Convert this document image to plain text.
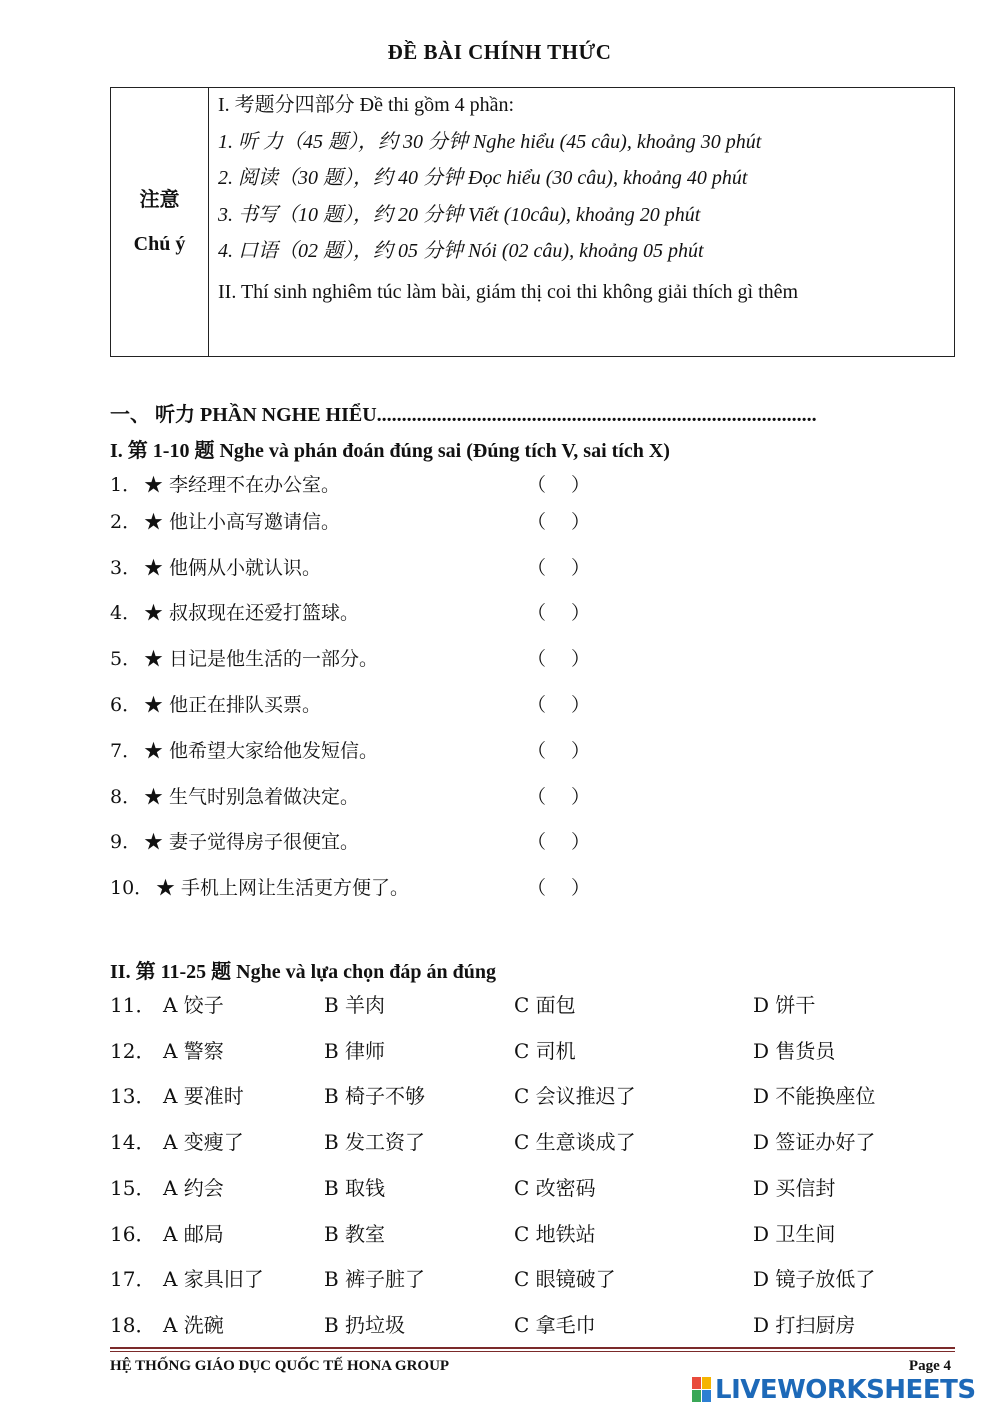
ĐỀ BÀI CHÍNH THỨC
注意
Chú ý
I. 考题分四部分 Đề thi gồm 4 phần:
1. 听 力（45 题），约 30 分钟 Nghe hiểu (45 câu), khoảng 30 phút
2. 阅读（30 题），约 40 分钟 Đọc hiểu (30 câu), khoảng 40 phút
3. 书写（10 题），约 20 分钟 Viết (10câu), khoảng 20 phút
4. 口语（02 题），约 05 分钟 Nói (02 câu), khoảng 05 phút
II. Thí sinh nghiêm túc làm bài, giám thị coi thi không giải thích gì thêm
一、 听力 PHẦN NGHE HIỂU........................................................................................
I. 第 1-10 题 Nghe và phán đoán đúng sai (Đúng tích V, sai tích X)
1． ★ 李经理不在办公室。	（　 ）
2． ★ 他让小高写邀请信。	（　 ）
3． ★ 他俩从小就认识。	（　 ）
4． ★ 叔叔现在还爱打篮球。	（　 ）
5． ★ 日记是他生活的一部分。	（　 ）
6． ★ 他正在排队买票。	（　 ）
7． ★ 他希望大家给他发短信。	（　 ）
8． ★ 生气时别急着做决定。	（　 ）
9． ★ 妻子觉得房子很便宜。	（　 ）
10． ★ 手机上网让生活更方便了。	（　 ）
II. 第 11-25 题 Nghe và lựa chọn đáp án đúng
11． A 饺子	B 羊肉	C 面包	D 饼干
12． A 警察	B 律师	C 司机	D 售货员
13． A 要准时	B 椅子不够	C 会议推迟了	D 不能换座位
14． A 变瘦了	B 发工资了	C 生意谈成了	D 签证办好了
15． A 约会	B 取钱	C 改密码	D 买信封
16． A 邮局	B 教室	C 地铁站	D 卫生间
17． A 家具旧了	B 裤子脏了	C 眼镜破了	D 镜子放低了
18． A 洗碗	B 扔垃圾	C 拿毛巾	D 打扫厨房
HỆ THỐNG GIÁO DỤC QUỐC TẾ HONA GROUP	Page 4
LIVEWORKSHEETS
